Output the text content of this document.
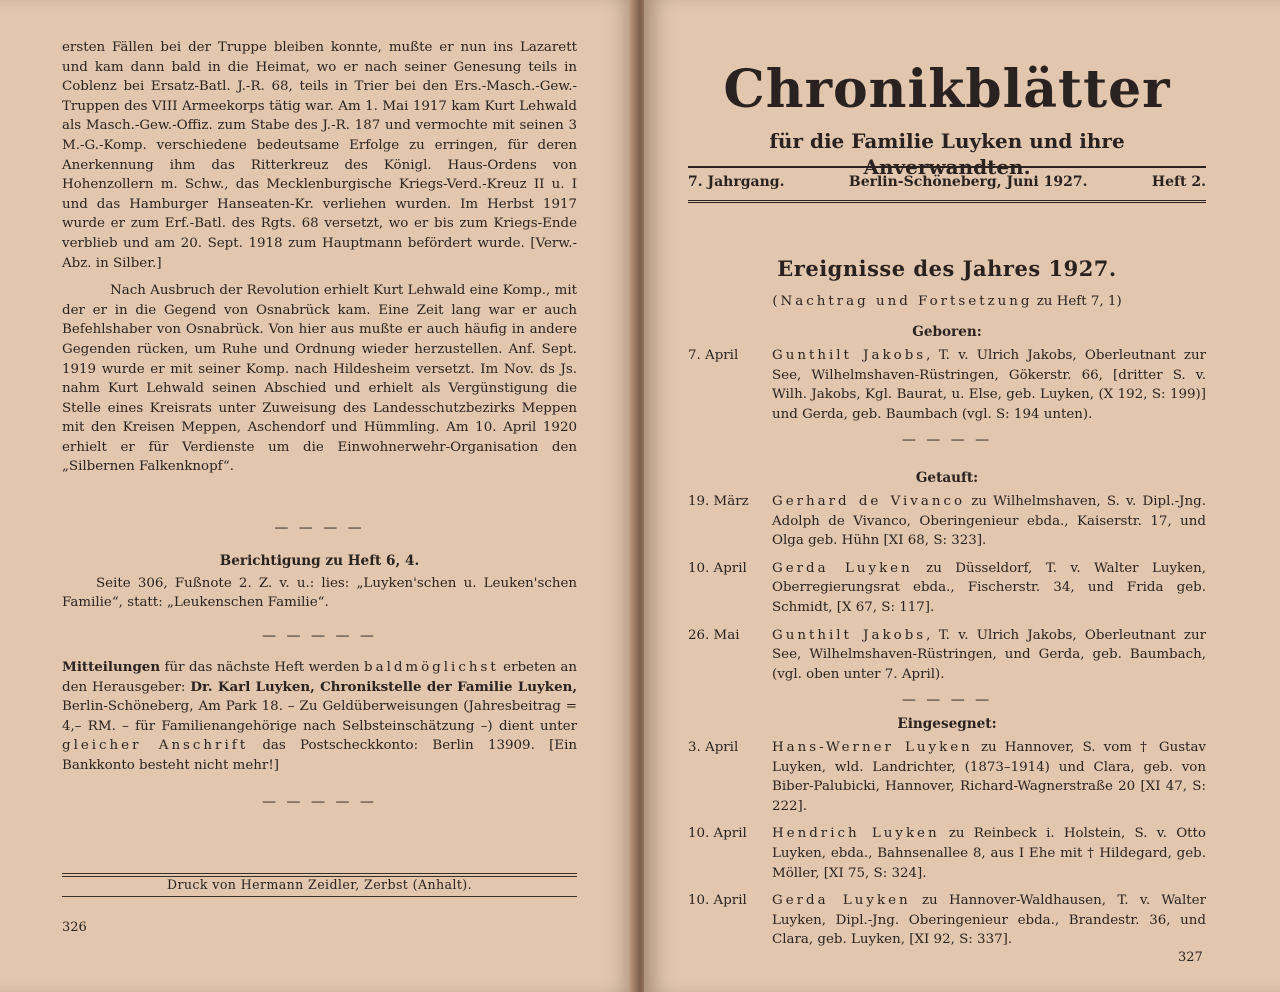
ersten Fällen bei der Truppe bleiben konnte, mußte er nun ins Lazarett und kam dann bald in die Heimat, wo er nach seiner Genesung teils in Coblenz bei Ersatz-Batl. J.-R. 68, teils in Trier bei den Ers.-Masch.-Gew.-Truppen des VIII Armeekorps tätig war. Am 1. Mai 1917 kam Kurt Lehwald als Masch.-Gew.-Offiz. zum Stabe des J.-R. 187 und vermochte mit seinen 3 M.-G.-Komp. verschiedene bedeutsame Erfolge zu erringen, für deren Anerkennung ihm das Ritterkreuz des Königl. Haus-Ordens von Hohenzollern m. Schw., das Mecklenburgische Kriegs-Verd.-Kreuz II u. I und das Hamburger Hanseaten-Kr. verliehen wurden. Im Herbst 1917 wurde er zum Erf.-Batl. des Rgts. 68 versetzt, wo er bis zum Kriegs-Ende verblieb und am 20. Sept. 1918 zum Hauptmann befördert wurde. [Verw.-Abz. in Silber.]

Nach Ausbruch der Revolution erhielt Kurt Lehwald eine Komp., mit der er in die Gegend von Osnabrück kam. Eine Zeit lang war er auch Befehlshaber von Osnabrück. Von hier aus mußte er auch häufig in andere Gegenden rücken, um Ruhe und Ordnung wieder herzustellen. Anf. Sept. 1919 wurde er mit seiner Komp. nach Hildesheim versetzt. Im Nov. ds Js. nahm Kurt Lehwald seinen Abschied und erhielt als Vergünstigung die Stelle eines Kreisrats unter Zuweisung des Landesschutzbezirks Meppen mit den Kreisen Meppen, Aschendorf und Hümmling. Am 10. April 1920 erhielt er für Verdienste um die Einwohnerwehr-Organisation den „Silbernen Falkenknopf“.

— — — —

Berichtigung zu Heft 6, 4.

Seite 306, Fußnote 2. Z. v. u.: lies: „Luyken'schen u. Leuken'schen Familie“, statt: „Leukenschen Familie“.

— — — — —

Mitteilungen für das nächste Heft werden baldmöglichst erbeten an den Herausgeber: Dr. Karl Luyken, Chronikstelle der Familie Luyken, Berlin-Schöneberg, Am Park 18. – Zu Geldüberweisungen (Jahresbeitrag = 4,– RM. – für Familienangehörige nach Selbsteinschätzung –) dient unter gleicher Anschrift das Postscheckkonto: Berlin 13909. [Ein Bankkonto besteht nicht mehr!]

— — — — —

Druck von Hermann Zeidler, Zerbst (Anhalt).
326
Chronikblätter

für die Familie Luyken und ihre Anverwandten.

7. Jahrgang.	Berlin-Schöneberg, Juni 1927.	Heft 2.
Ereignisse des Jahres 1927.
(Nachtrag und Fortsetzung zu Heft 7, 1)

Geboren:

7. April	Gunthilt Jakobs, T. v. Ulrich Jakobs, Oberleutnant zur See, Wilhelmshaven-Rüstringen, Gökerstr. 66, [dritter S. v. Wilh. Jakobs, Kgl. Baurat, u. Else, geb. Luyken, (X 192, S: 199)] und Gerda, geb. Baumbach (vgl. S: 194 unten).

— — — —

Getauft:

19. März	Gerhard de Vivanco zu Wilhelmshaven, S. v. Dipl.-Jng. Adolph de Vivanco, Oberingenieur ebda., Kaiserstr. 17, und Olga geb. Hühn [XI 68, S: 323].
10. April	Gerda Luyken zu Düsseldorf, T. v. Walter Luyken, Oberregierungsrat ebda., Fischerstr. 34, und Frida geb. Schmidt, [X 67, S: 117].
26. Mai	Gunthilt Jakobs, T. v. Ulrich Jakobs, Oberleutnant zur See, Wilhelmshaven-Rüstringen, und Gerda, geb. Baumbach, (vgl. oben unter 7. April).

— — — —

Eingesegnet:

3. April	Hans-Werner Luyken zu Hannover, S. vom † Gustav Luyken, wld. Landrichter, (1873–1914) und Clara, geb. von Biber-Palubicki, Hannover, Richard-Wagnerstraße 20 [XI 47, S: 222].
10. April	Hendrich Luyken zu Reinbeck i. Holstein, S. v. Otto Luyken, ebda., Bahnsenallee 8, aus I Ehe mit † Hildegard, geb. Möller, [XI 75, S: 324].
10. April	Gerda Luyken zu Hannover-Waldhausen, T. v. Walter Luyken, Dipl.-Jng. Oberingenieur ebda., Brandestr. 36, und Clara, geb. Luyken, [XI 92, S: 337].
327
